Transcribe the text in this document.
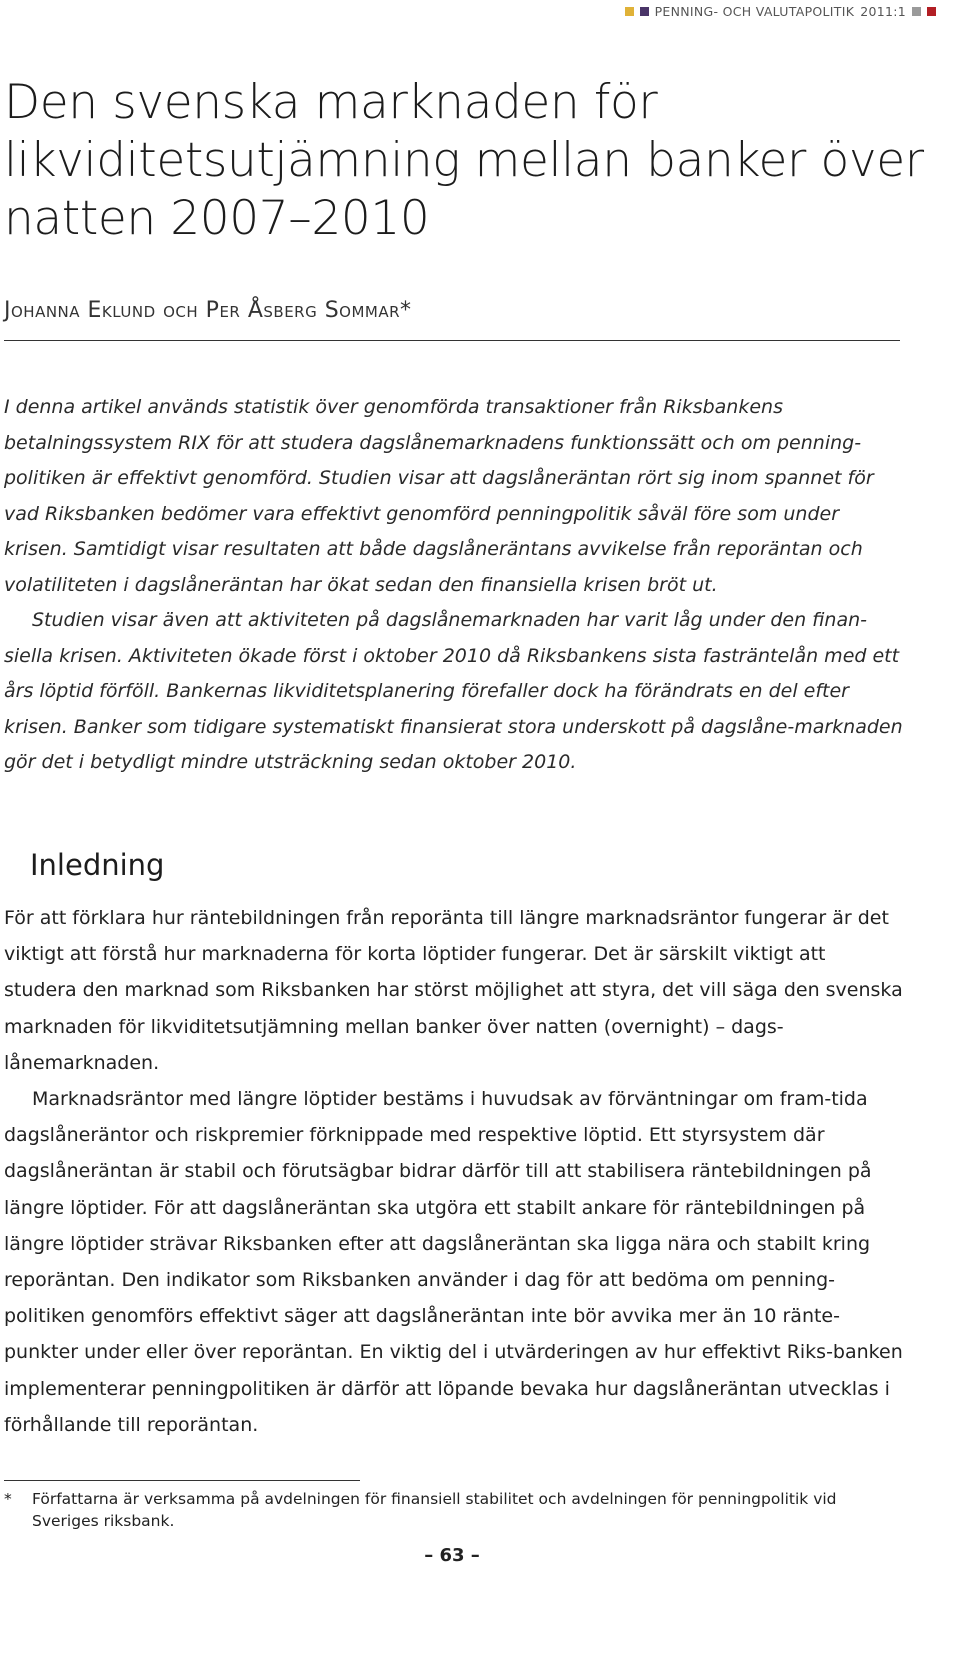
PENNING- OCH VALUTAPOLITIK 2011:1
Den svenska marknaden för likviditetsutjämning mellan banker över natten 2007–2010
Johanna Eklund och Per Åsberg Sommar*

I denna artikel används statistik över genomförda transaktioner från Riksbankens betalningssystem RIX för att studera dagslånemarknadens funktionssätt och om penning-politiken är effektivt genomförd. Studien visar att dagslåneräntan rört sig inom spannet för vad Riksbanken bedömer vara effektivt genomförd penningpolitik såväl före som under krisen. Samtidigt visar resultaten att både dagslåneräntans avvikelse från reporäntan och volatiliteten i dagslåneräntan har ökat sedan den finansiella krisen bröt ut.

Studien visar även att aktiviteten på dagslånemarknaden har varit låg under den finan-siella krisen. Aktiviteten ökade först i oktober 2010 då Riksbankens sista fasträntelån med ett års löptid förföll. Bankernas likviditetsplanering förefaller dock ha förändrats en del efter krisen. Banker som tidigare systematiskt finansierat stora underskott på dagslåne-marknaden gör det i betydligt mindre utsträckning sedan oktober 2010.

Inledning

För att förklara hur räntebildningen från reporänta till längre marknadsräntor fungerar är det viktigt att förstå hur marknaderna för korta löptider fungerar. Det är särskilt viktigt att studera den marknad som Riksbanken har störst möjlighet att styra, det vill säga den svenska marknaden för likviditetsutjämning mellan banker över natten (overnight) – dags-lånemarknaden.

Marknadsräntor med längre löptider bestäms i huvudsak av förväntningar om fram-tida dagslåneräntor och riskpremier förknippade med respektive löptid. Ett styrsystem där dagslåneräntan är stabil och förutsägbar bidrar därför till att stabilisera räntebildningen på längre löptider. För att dagslåneräntan ska utgöra ett stabilt ankare för räntebildningen på längre löptider strävar Riksbanken efter att dagslåneräntan ska ligga nära och stabilt kring reporäntan. Den indikator som Riksbanken använder i dag för att bedöma om penning-politiken genomförs effektivt säger att dagslåneräntan inte bör avvika mer än 10 ränte-punkter under eller över reporäntan. En viktig del i utvärderingen av hur effektivt Riks-banken implementerar penningpolitiken är därför att löpande bevaka hur dagslåneräntan utvecklas i förhållande till reporäntan.

*	Författarna är verksamma på avdelningen för finansiell stabilitet och avdelningen för penningpolitik vid Sveriges riksbank.
– 63 –
